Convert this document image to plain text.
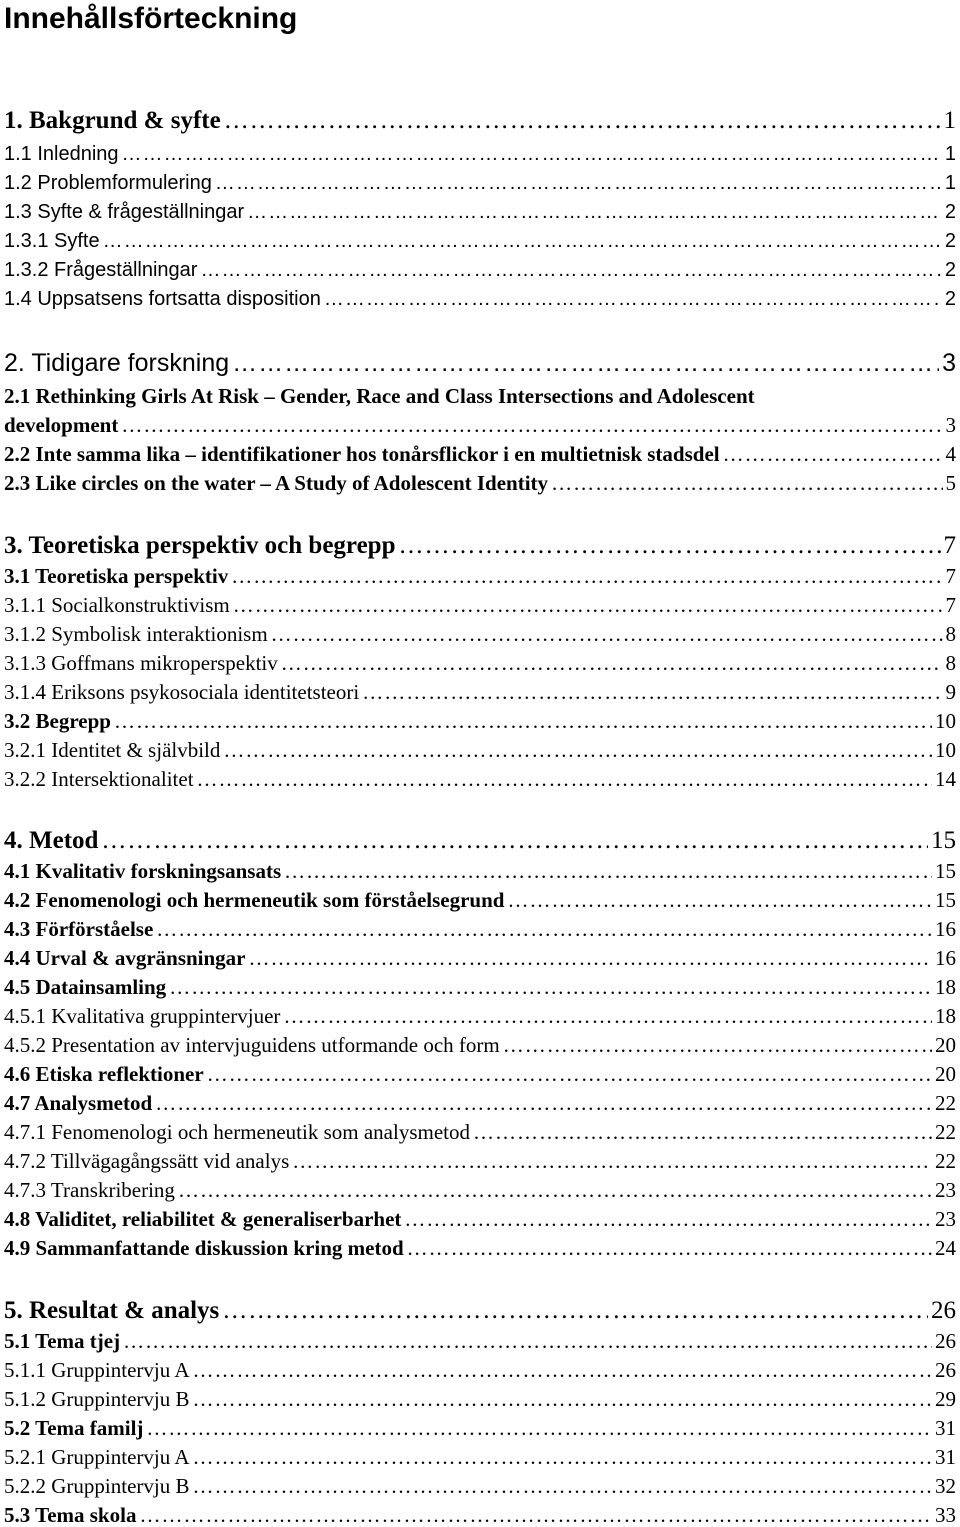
Innehållsförteckning
1. Bakgrund & syfte ………………………………………………………………………………………………………………………………………………………………………………………………………………………………………………………………	1
1.1 Inledning ………………………………………………………………………………………………………………………………………………………………………………………………………………………………………………………………	1
1.2 Problemformulering ………………………………………………………………………………………………………………………………………………………………………………………………………………………………………………………………	1
1.3 Syfte & frågeställningar ………………………………………………………………………………………………………………………………………………………………………………………………………………………………………………………………	2
1.3.1 Syfte ………………………………………………………………………………………………………………………………………………………………………………………………………………………………………………………………	2
1.3.2 Frågeställningar ………………………………………………………………………………………………………………………………………………………………………………………………………………………………………………………………	2
1.4 Uppsatsens fortsatta disposition ………………………………………………………………………………………………………………………………………………………………………………………………………………………………………………………………	2
2. Tidigare forskning ………………………………………………………………………………………………………………………………………………………………………………………………………………………………………………………………	3
2.1 Rethinking Girls At Risk – Gender, Race and Class Intersections and Adolescent
development ………………………………………………………………………………………………………………………………………………………………………………………………………………………………………………………………	3
2.2 Inte samma lika – identifikationer hos tonårsflickor i en multietnisk stadsdel ………………………………………………………………………………………………………………………………………………………………………………………………………………………………………………………………	4
2.3 Like circles on the water – A Study of Adolescent Identity ………………………………………………………………………………………………………………………………………………………………………………………………………………………………………………………………	5
3. Teoretiska perspektiv och begrepp ………………………………………………………………………………………………………………………………………………………………………………………………………………………………………………………………	7
3.1 Teoretiska perspektiv ………………………………………………………………………………………………………………………………………………………………………………………………………………………………………………………………	7
3.1.1 Socialkonstruktivism ………………………………………………………………………………………………………………………………………………………………………………………………………………………………………………………………	7
3.1.2 Symbolisk interaktionism ………………………………………………………………………………………………………………………………………………………………………………………………………………………………………………………………	8
3.1.3 Goffmans mikroperspektiv ………………………………………………………………………………………………………………………………………………………………………………………………………………………………………………………………	8
3.1.4 Eriksons psykosociala identitetsteori ………………………………………………………………………………………………………………………………………………………………………………………………………………………………………………………………	9
3.2 Begrepp ………………………………………………………………………………………………………………………………………………………………………………………………………………………………………………………………	10
3.2.1 Identitet & självbild ………………………………………………………………………………………………………………………………………………………………………………………………………………………………………………………………	10
3.2.2 Intersektionalitet ………………………………………………………………………………………………………………………………………………………………………………………………………………………………………………………………	14
4. Metod ………………………………………………………………………………………………………………………………………………………………………………………………………………………………………………………………	15
4.1 Kvalitativ forskningsansats ………………………………………………………………………………………………………………………………………………………………………………………………………………………………………………………………	15
4.2 Fenomenologi och hermeneutik som förståelsegrund ………………………………………………………………………………………………………………………………………………………………………………………………………………………………………………………………	15
4.3 Förförståelse ………………………………………………………………………………………………………………………………………………………………………………………………………………………………………………………………	16
4.4 Urval & avgränsningar ………………………………………………………………………………………………………………………………………………………………………………………………………………………………………………………………	16
4.5 Datainsamling ………………………………………………………………………………………………………………………………………………………………………………………………………………………………………………………………	18
4.5.1 Kvalitativa gruppintervjuer ………………………………………………………………………………………………………………………………………………………………………………………………………………………………………………………………	18
4.5.2 Presentation av intervjuguidens utformande och form ………………………………………………………………………………………………………………………………………………………………………………………………………………………………………………………………	20
4.6 Etiska reflektioner ………………………………………………………………………………………………………………………………………………………………………………………………………………………………………………………………	20
4.7 Analysmetod ………………………………………………………………………………………………………………………………………………………………………………………………………………………………………………………………	22
4.7.1 Fenomenologi och hermeneutik som analysmetod ………………………………………………………………………………………………………………………………………………………………………………………………………………………………………………………………	22
4.7.2 Tillvägagångssätt vid analys ………………………………………………………………………………………………………………………………………………………………………………………………………………………………………………………………	22
4.7.3 Transkribering ………………………………………………………………………………………………………………………………………………………………………………………………………………………………………………………………	23
4.8 Validitet, reliabilitet & generaliserbarhet ………………………………………………………………………………………………………………………………………………………………………………………………………………………………………………………………	23
4.9 Sammanfattande diskussion kring metod ………………………………………………………………………………………………………………………………………………………………………………………………………………………………………………………………	24
5. Resultat & analys ………………………………………………………………………………………………………………………………………………………………………………………………………………………………………………………………	26
5.1 Tema tjej ………………………………………………………………………………………………………………………………………………………………………………………………………………………………………………………………	26
5.1.1 Gruppintervju A ………………………………………………………………………………………………………………………………………………………………………………………………………………………………………………………………	26
5.1.2 Gruppintervju B ………………………………………………………………………………………………………………………………………………………………………………………………………………………………………………………………	29
5.2 Tema familj ………………………………………………………………………………………………………………………………………………………………………………………………………………………………………………………………	31
5.2.1 Gruppintervju A ………………………………………………………………………………………………………………………………………………………………………………………………………………………………………………………………	31
5.2.2 Gruppintervju B ………………………………………………………………………………………………………………………………………………………………………………………………………………………………………………………………	32
5.3 Tema skola ………………………………………………………………………………………………………………………………………………………………………………………………………………………………………………………………	33
